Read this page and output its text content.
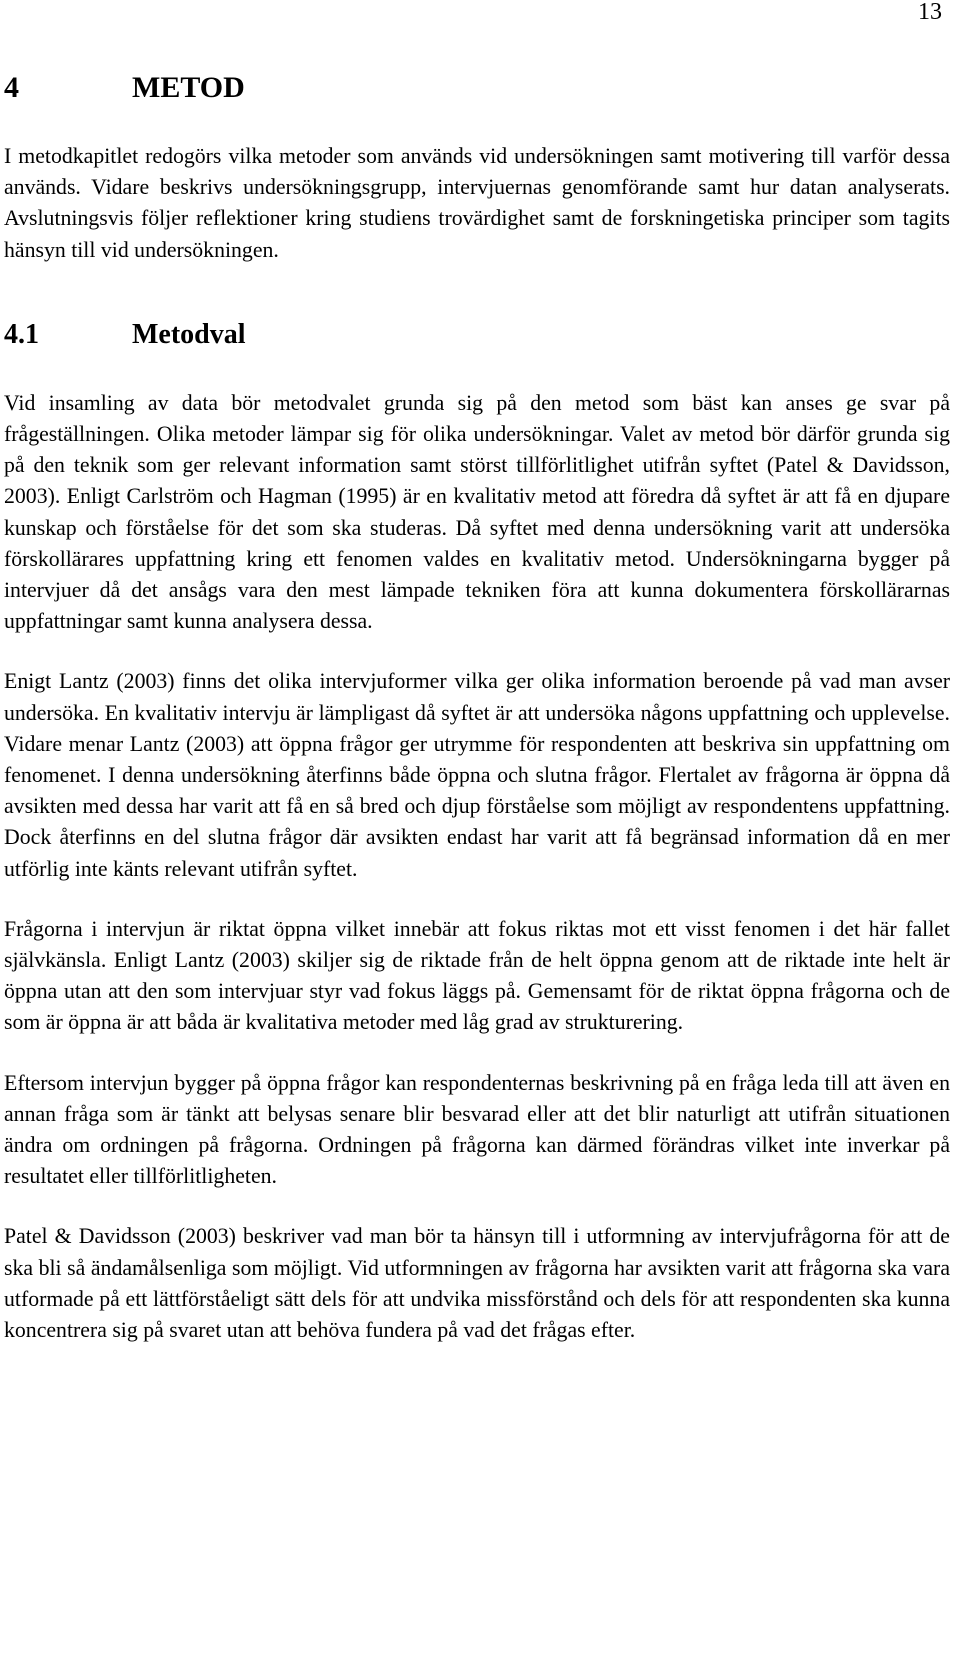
13
4	METOD

I metodkapitlet redogörs vilka metoder som används vid undersökningen samt motivering till varför dessa används. Vidare beskrivs undersökningsgrupp, intervjuernas genomförande samt hur datan analyserats. Avslutningsvis följer reflektioner kring studiens trovärdighet samt de forskningetiska principer som tagits hänsyn till vid undersökningen.

4.1	Metodval

Vid insamling av data bör metodvalet grunda sig på den metod som bäst kan anses ge svar på frågeställningen. Olika metoder lämpar sig för olika undersökningar. Valet av metod bör därför grunda sig på den teknik som ger relevant information samt störst tillförlitlighet utifrån syftet (Patel & Davidsson, 2003). Enligt Carlström och Hagman (1995) är en kvalitativ metod att föredra då syftet är att få en djupare kunskap och förståelse för det som ska studeras. Då syftet med denna undersökning varit att undersöka förskollärares uppfattning kring ett fenomen valdes en kvalitativ metod. Undersökningarna bygger på intervjuer då det ansågs vara den mest lämpade tekniken föra att kunna dokumentera förskollärarnas uppfattningar samt kunna analysera dessa.

Enigt Lantz (2003) finns det olika intervjuformer vilka ger olika information beroende på vad man avser undersöka. En kvalitativ intervju är lämpligast då syftet är att undersöka någons uppfattning och upplevelse. Vidare menar Lantz (2003) att öppna frågor ger utrymme för respondenten att beskriva sin uppfattning om fenomenet. I denna undersökning återfinns både öppna och slutna frågor. Flertalet av frågorna är öppna då avsikten med dessa har varit att få en så bred och djup förståelse som möjligt av respondentens uppfattning. Dock återfinns en del slutna frågor där avsikten endast har varit att få begränsad information då en mer utförlig inte känts relevant utifrån syftet.

Frågorna i intervjun är riktat öppna vilket innebär att fokus riktas mot ett visst fenomen i det här fallet självkänsla. Enligt Lantz (2003) skiljer sig de riktade från de helt öppna genom att de riktade inte helt är öppna utan att den som intervjuar styr vad fokus läggs på. Gemensamt för de riktat öppna frågorna och de som är öppna är att båda är kvalitativa metoder med låg grad av strukturering.

Eftersom intervjun bygger på öppna frågor kan respondenternas beskrivning på en fråga leda till att även en annan fråga som är tänkt att belysas senare blir besvarad eller att det blir naturligt att utifrån situationen ändra om ordningen på frågorna. Ordningen på frågorna kan därmed förändras vilket inte inverkar på resultatet eller tillförlitligheten.

Patel & Davidsson (2003) beskriver vad man bör ta hänsyn till i utformning av intervjufrågorna för att de ska bli så ändamålsenliga som möjligt. Vid utformningen av frågorna har avsikten varit att frågorna ska vara utformade på ett lättförståeligt sätt dels för att undvika missförstånd och dels för att respondenten ska kunna koncentrera sig på svaret utan att behöva fundera på vad det frågas efter.
